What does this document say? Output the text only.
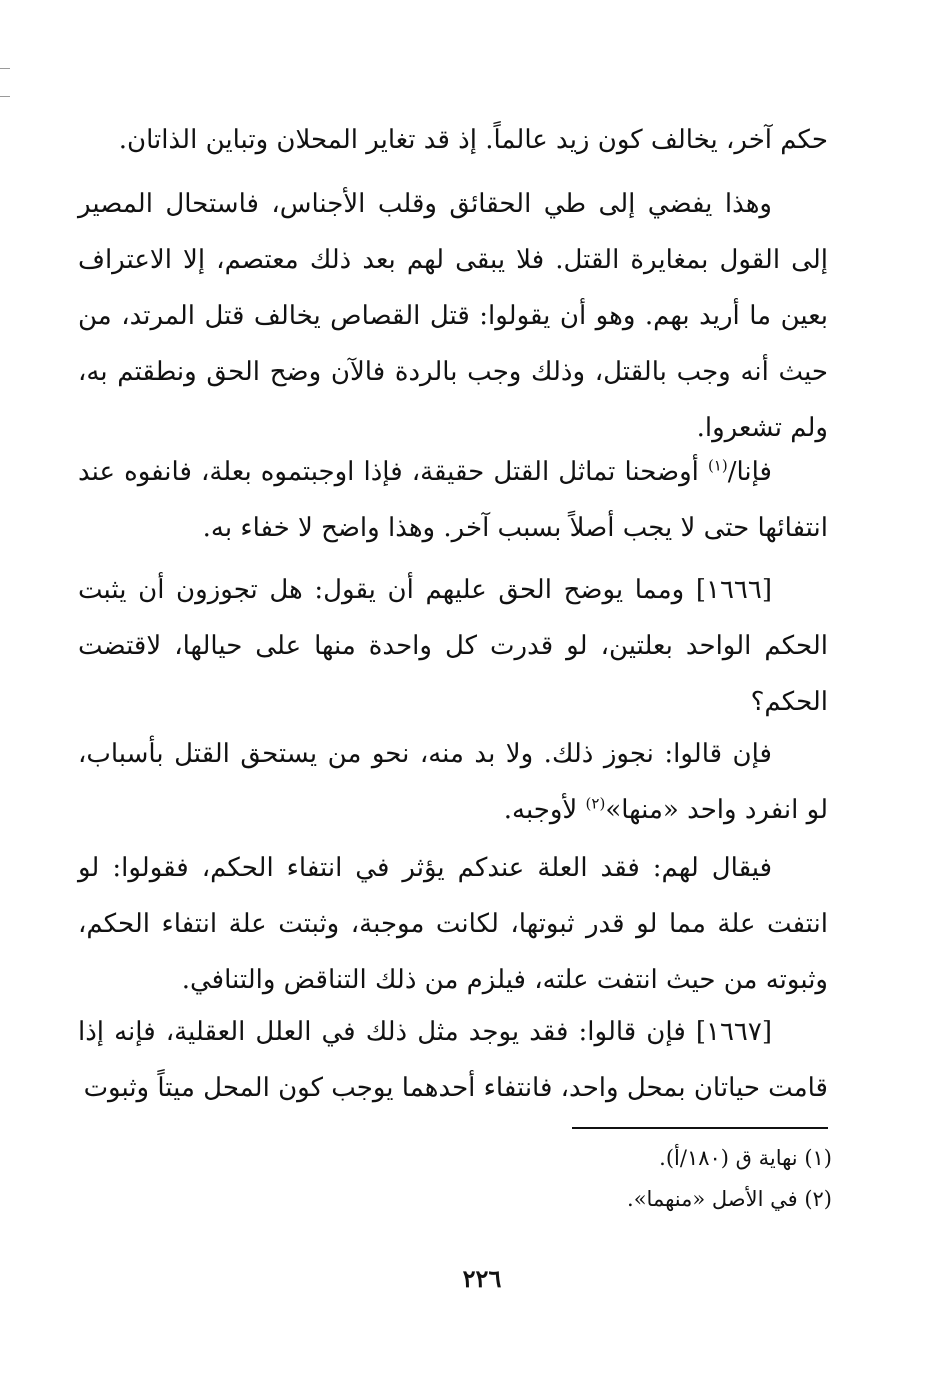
حكم آخر، يخالف كون زيد عالماً. إذ قد تغاير المحلان وتباين الذاتان.

وهذا يفضي إلى طي الحقائق وقلب الأجناس، فاستحال المصير إلى القول بمغايرة القتل. فلا يبقى لهم بعد ذلك معتصم، إلا الاعتراف بعين ما أريد بهم. وهو أن يقولوا: قتل القصاص يخالف قتل المرتد، من حيث أنه وجب بالقتل، وذلك وجب بالردة فالآن وضح الحق ونطقتم به، ولم تشعروا.

فإنا/$^{(١)}$ أوضحنا تماثل القتل حقيقة، فإذا اوجبتموه بعلة، فانفوه عند انتفائها حتى لا يجب أصلاً بسبب آخر. وهذا واضح لا خفاء به.

[١٦٦٦] ومما يوضح الحق عليهم أن يقول: هل تجوزون أن يثبت الحكم الواحد بعلتين، لو قدرت كل واحدة منها على حيالها، لاقتضت الحكم؟

فإن قالوا: نجوز ذلك. ولا بد منه، نحو من يستحق القتل بأسباب، لو انفرد واحد «منها»$^{(٢)}$ لأوجبه.

فيقال لهم: فقد العلة عندكم يؤثر في انتفاء الحكم، فقولوا: لو انتفت علة مما لو قدر ثبوتها، لكانت موجبة، وثبتت علة انتفاء الحكم، وثبوته من حيث انتفت علته، فيلزم من ذلك التناقض والتنافي.

[١٦٦٧] فإن قالوا: فقد يوجد مثل ذلك في العلل العقلية، فإنه إذا قامت حياتان بمحل واحد، فانتفاء أحدهما يوجب كون المحل ميتاً وثبوت

(١) نهاية ق (١٨٠/أ).
(٢) في الأصل «منهما».
٢٢٦
